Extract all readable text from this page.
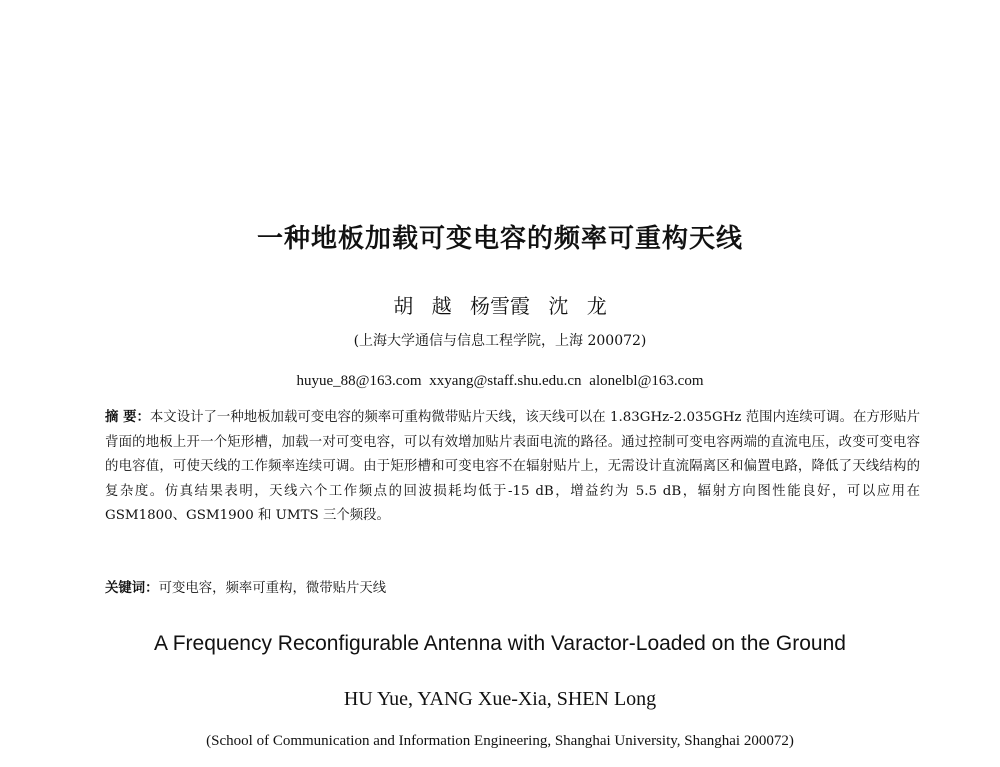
一种地板加载可变电容的频率可重构天线
胡 越 杨雪霞 沈 龙
(上海大学通信与信息工程学院，上海 200072)
huyue_88@163.com xxyang@staff.shu.edu.cn alonelbl@163.com
摘 要：本文设计了一种地板加载可变电容的频率可重构微带贴片天线，该天线可以在 1.83GHz-2.035GHz 范围内连续可调。在方形贴片背面的地板上开一个矩形槽，加载一对可变电容，可以有效增加贴片表面电流的路径。通过控制可变电容两端的直流电压，改变可变电容的电容值，可使天线的工作频率连续可调。由于矩形槽和可变电容不在辐射贴片上，无需设计直流隔离区和偏置电路，降低了天线结构的复杂度。仿真结果表明，天线六个工作频点的回波损耗均低于-15 dB，增益约为 5.5 dB，辐射方向图性能良好，可以应用在 GSM1800、GSM1900 和 UMTS 三个频段。
关键词：可变电容，频率可重构，微带贴片天线
A Frequency Reconfigurable Antenna with Varactor-Loaded on the Ground
HU Yue, YANG Xue-Xia, SHEN Long
(School of Communication and Information Engineering, Shanghai University, Shanghai 200072)
